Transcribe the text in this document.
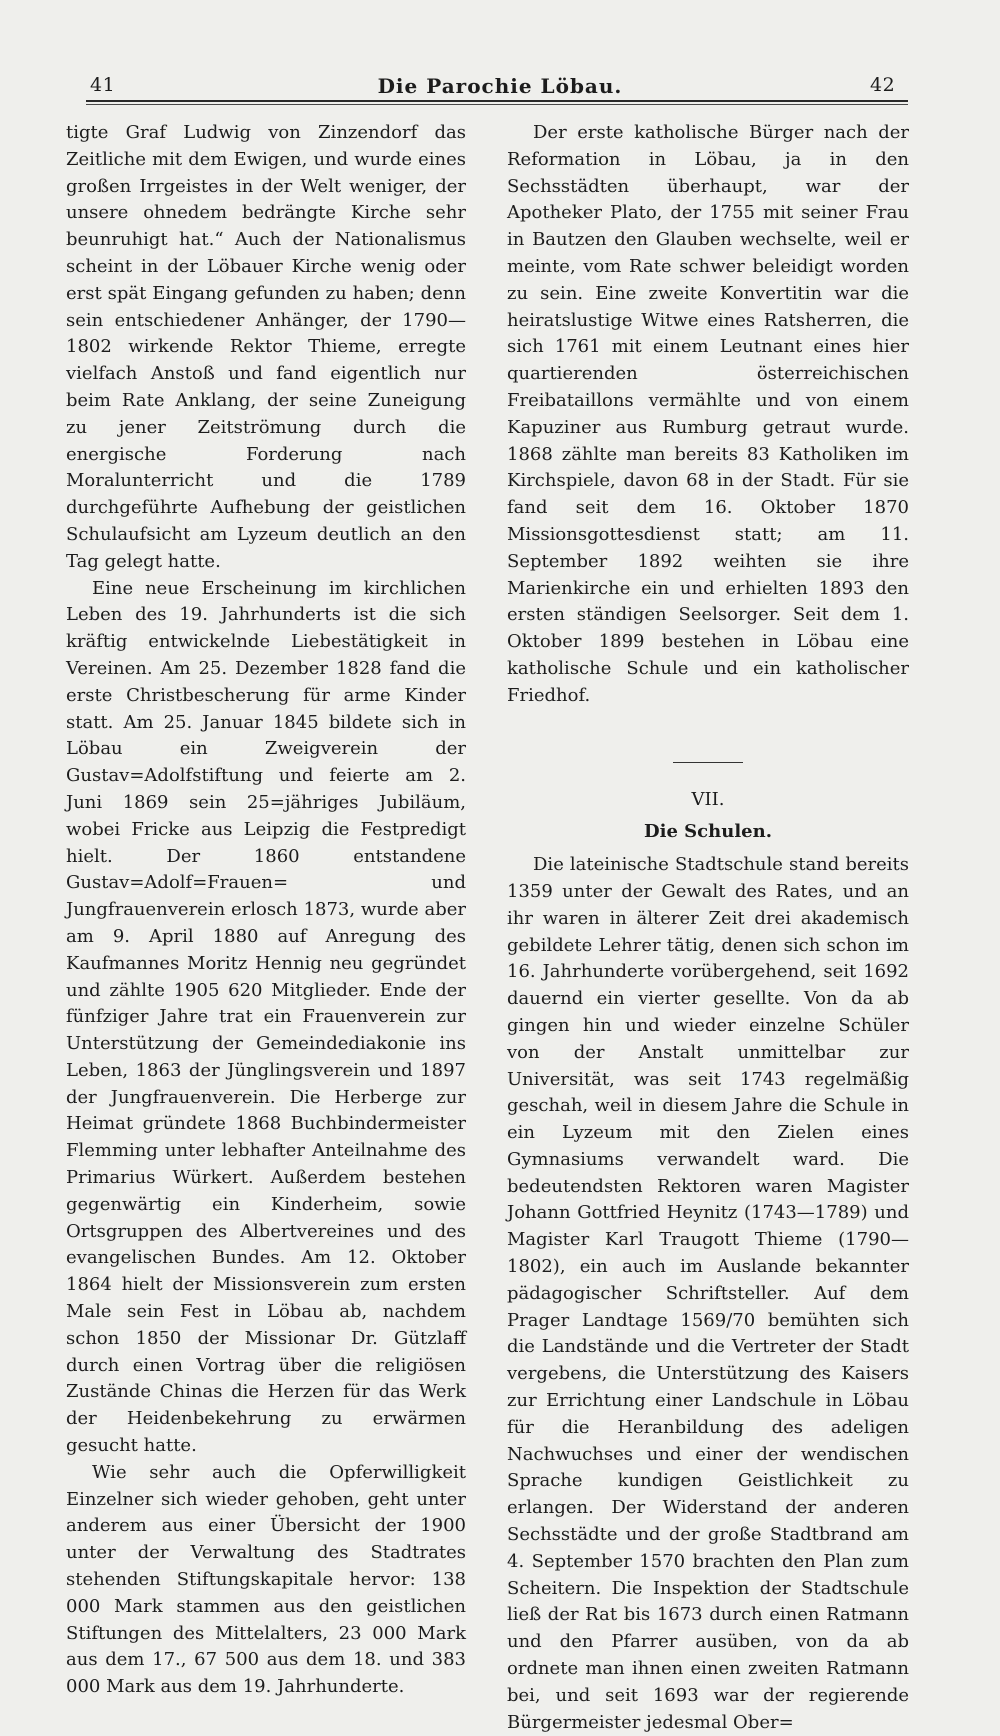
41	Die Parochie Löbau.	42

tigte Graf Ludwig von Zinzendorf das Zeitliche mit dem Ewigen, und wurde eines großen Irrgeistes in der Welt weniger, der unsere ohnedem bedrängte Kirche sehr beunruhigt hat.“ Auch der Nationalismus scheint in der Löbauer Kirche wenig oder erst spät Eingang gefunden zu haben; denn sein entschiedener Anhänger, der 1790—1802 wirkende Rektor Thieme, erregte vielfach Anstoß und fand eigentlich nur beim Rate Anklang, der seine Zuneigung zu jener Zeitströmung durch die energische Forderung nach Moralunterricht und die 1789 durchgeführte Aufhebung der geistlichen Schulaufsicht am Lyzeum deutlich an den Tag gelegt hatte.

Eine neue Erscheinung im kirchlichen Leben des 19. Jahrhunderts ist die sich kräftig entwickelnde Liebestätigkeit in Vereinen. Am 25. Dezember 1828 fand die erste Christbescherung für arme Kinder statt. Am 25. Januar 1845 bildete sich in Löbau ein Zweigverein der Gustav=Adolfstiftung und feierte am 2. Juni 1869 sein 25=jähriges Jubiläum, wobei Fricke aus Leipzig die Festpredigt hielt. Der 1860 entstandene Gustav=Adolf=Frauen= und Jungfrauenverein erlosch 1873, wurde aber am 9. April 1880 auf Anregung des Kaufmannes Moritz Hennig neu gegründet und zählte 1905 620 Mitglieder. Ende der fünfziger Jahre trat ein Frauenverein zur Unterstützung der Gemeindediakonie ins Leben, 1863 der Jünglingsverein und 1897 der Jungfrauenverein. Die Herberge zur Heimat gründete 1868 Buchbindermeister Flemming unter lebhafter Anteilnahme des Primarius Würkert. Außerdem bestehen gegenwärtig ein Kinderheim, sowie Ortsgruppen des Albertvereines und des evangelischen Bundes. Am 12. Oktober 1864 hielt der Missionsverein zum ersten Male sein Fest in Löbau ab, nachdem schon 1850 der Missionar Dr. Gützlaff durch einen Vortrag über die religiösen Zustände Chinas die Herzen für das Werk der Heidenbekehrung zu erwärmen gesucht hatte.

Wie sehr auch die Opferwilligkeit Einzelner sich wieder gehoben, geht unter anderem aus einer Übersicht der 1900 unter der Verwaltung des Stadtrates stehenden Stiftungskapitale hervor: 138 000 Mark stammen aus den geistlichen Stiftungen des Mittelalters, 23 000 Mark aus dem 17., 67 500 aus dem 18. und 383 000 Mark aus dem 19. Jahrhunderte.

Der erste katholische Bürger nach der Reformation in Löbau, ja in den Sechsstädten überhaupt, war der Apotheker Plato, der 1755 mit seiner Frau in Bautzen den Glauben wechselte, weil er meinte, vom Rate schwer beleidigt worden zu sein. Eine zweite Konvertitin war die heiratslustige Witwe eines Ratsherren, die sich 1761 mit einem Leutnant eines hier quartierenden österreichischen Freibataillons vermählte und von einem Kapuziner aus Rumburg getraut wurde. 1868 zählte man bereits 83 Katholiken im Kirchspiele, davon 68 in der Stadt. Für sie fand seit dem 16. Oktober 1870 Missionsgottesdienst statt; am 11. September 1892 weihten sie ihre Marienkirche ein und erhielten 1893 den ersten ständigen Seelsorger. Seit dem 1. Oktober 1899 bestehen in Löbau eine katholische Schule und ein katholischer Friedhof.

VII.
Die Schulen.

Die lateinische Stadtschule stand bereits 1359 unter der Gewalt des Rates, und an ihr waren in älterer Zeit drei akademisch gebildete Lehrer tätig, denen sich schon im 16. Jahrhunderte vorübergehend, seit 1692 dauernd ein vierter gesellte. Von da ab gingen hin und wieder einzelne Schüler von der Anstalt unmittelbar zur Universität, was seit 1743 regelmäßig geschah, weil in diesem Jahre die Schule in ein Lyzeum mit den Zielen eines Gymnasiums verwandelt ward. Die bedeutendsten Rektoren waren Magister Johann Gottfried Heynitz (1743—1789) und Magister Karl Traugott Thieme (1790—1802), ein auch im Auslande bekannter pädagogischer Schriftsteller. Auf dem Prager Landtage 1569/70 bemühten sich die Landstände und die Vertreter der Stadt vergebens, die Unterstützung des Kaisers zur Errichtung einer Landschule in Löbau für die Heranbildung des adeligen Nachwuchses und einer der wendischen Sprache kundigen Geistlichkeit zu erlangen. Der Widerstand der anderen Sechsstädte und der große Stadtbrand am 4. September 1570 brachten den Plan zum Scheitern. Die Inspektion der Stadtschule ließ der Rat bis 1673 durch einen Ratmann und den Pfarrer ausüben, von da ab ordnete man ihnen einen zweiten Ratmann bei, und seit 1693 war der regierende Bürgermeister jedesmal Ober=
